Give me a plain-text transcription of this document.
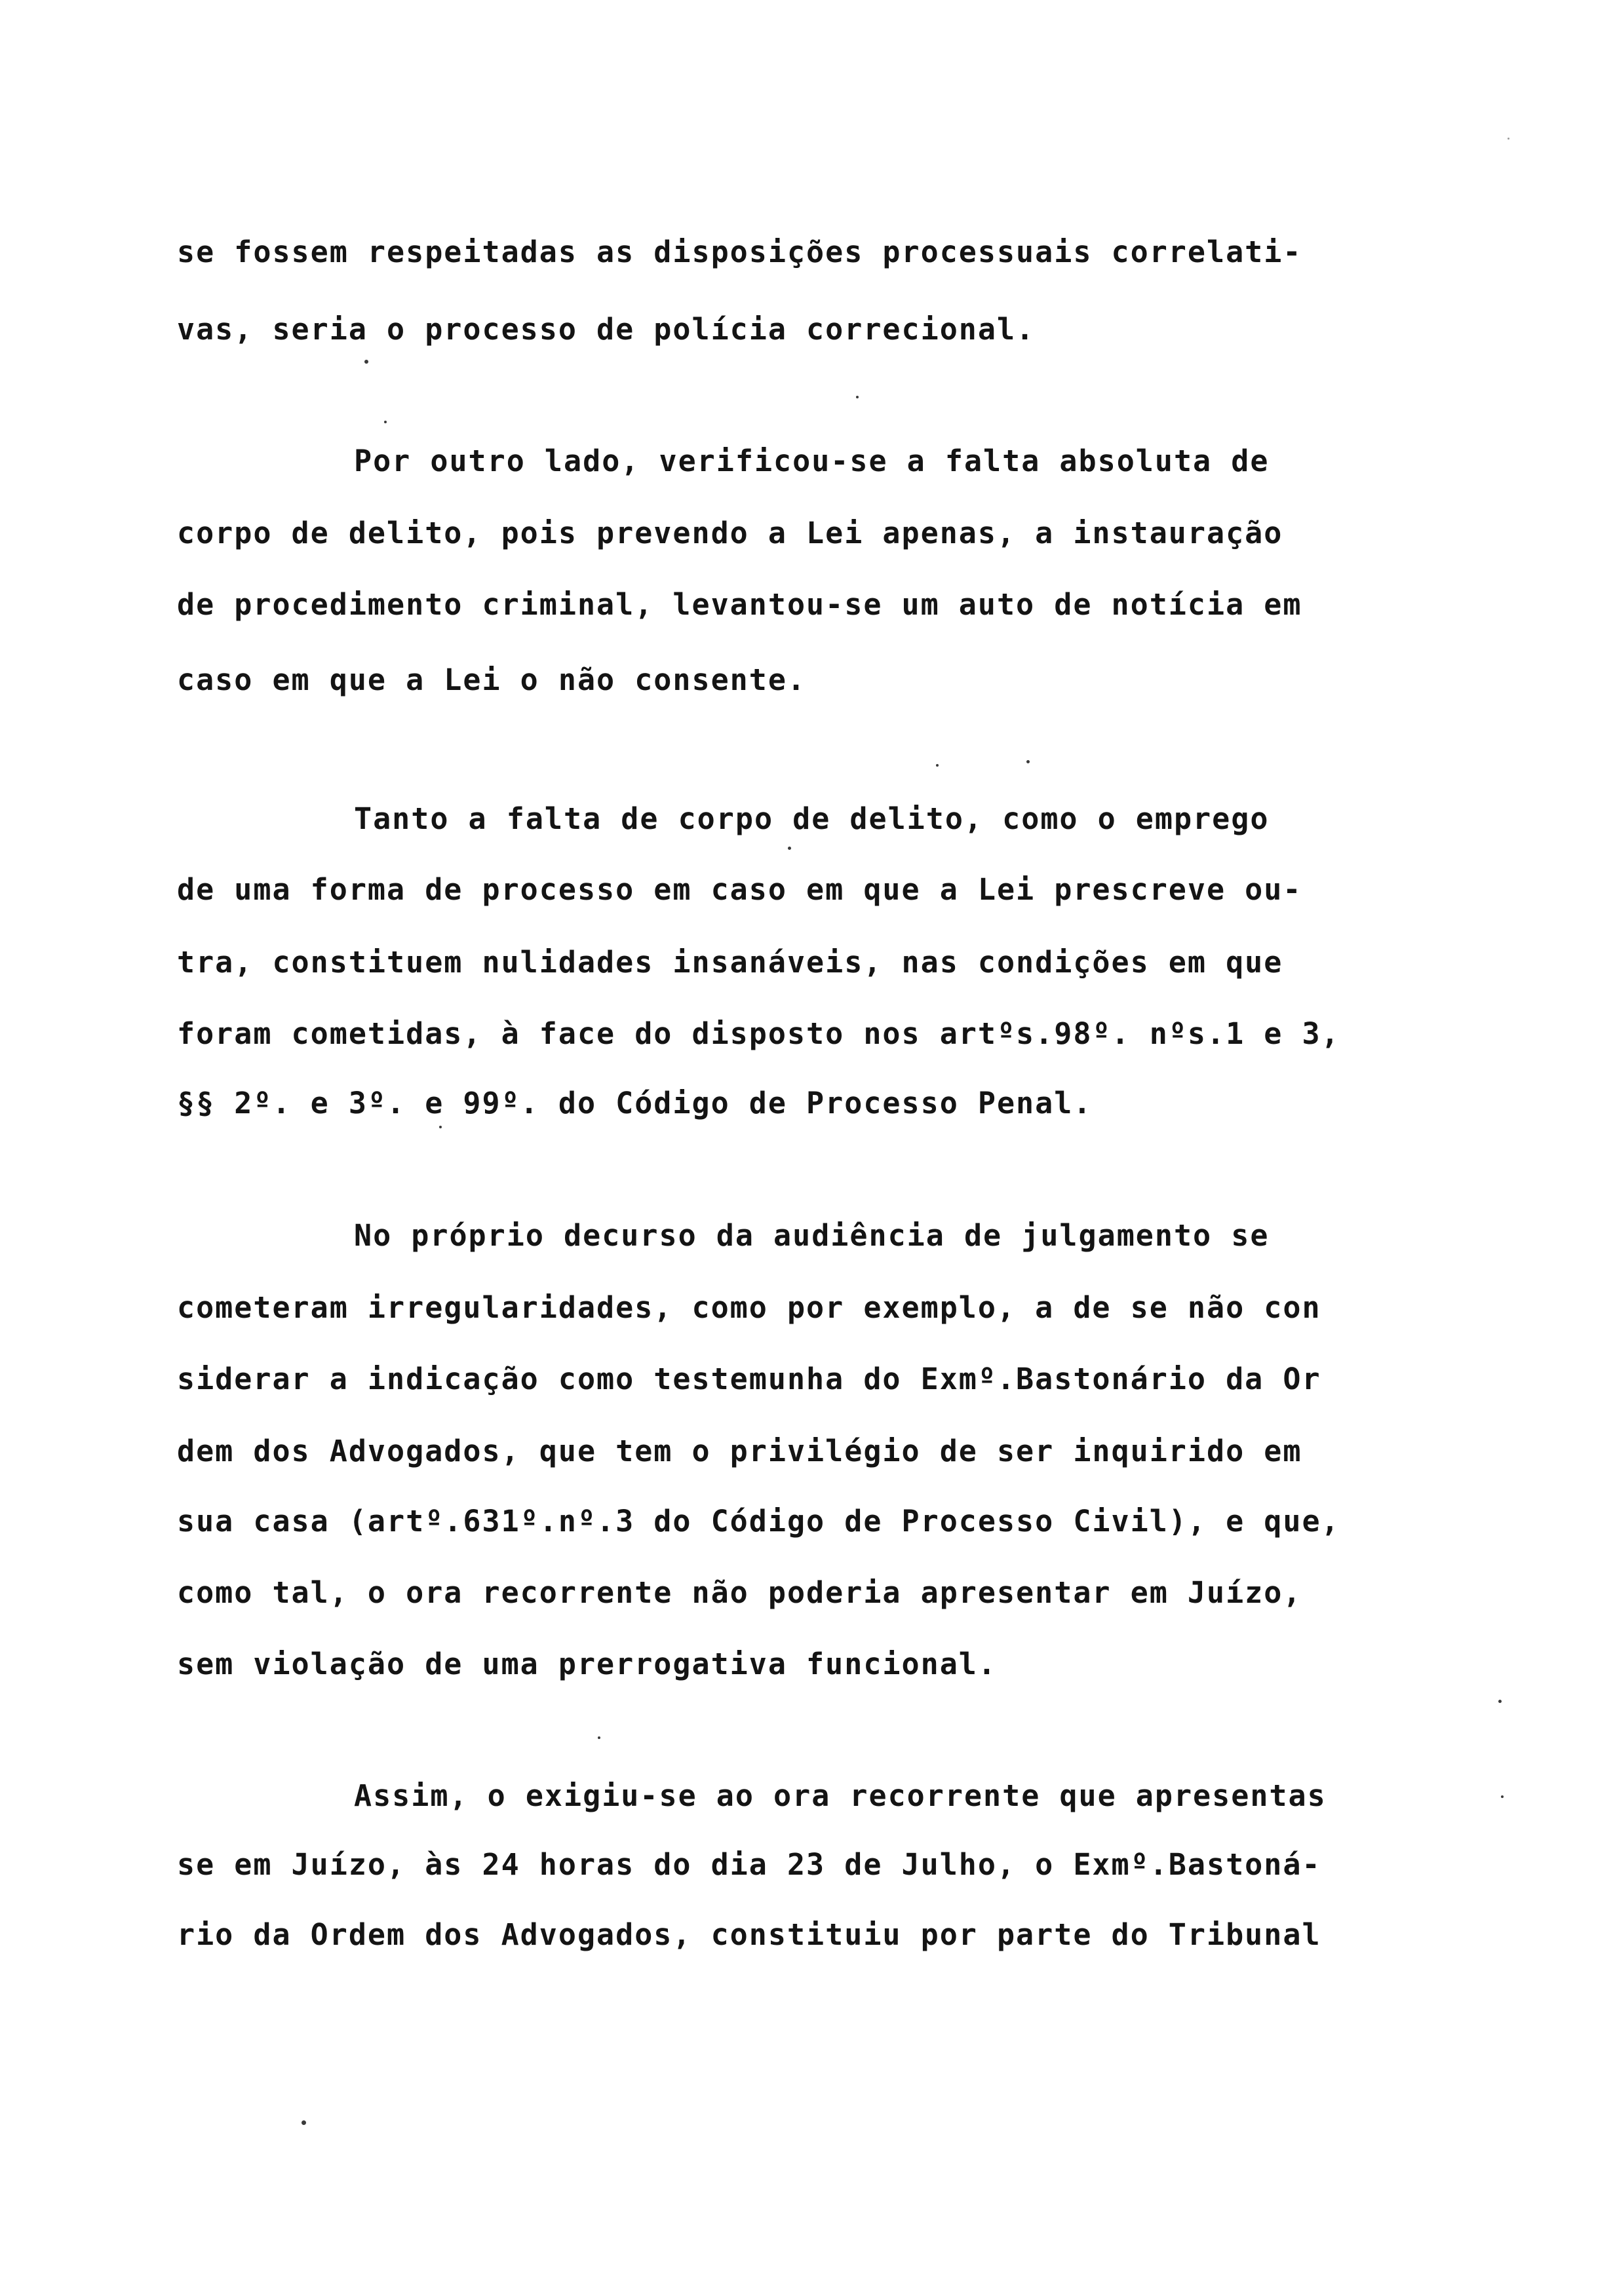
se fossem respeitadas as disposições processuais correlati-

vas, seria o processo de polícia correcional.

Por outro lado, verificou-se a falta absoluta de

corpo de delito, pois prevendo a Lei apenas, a instauração

de procedimento criminal, levantou-se um auto de notícia em

caso em que a Lei o não consente.

Tanto a falta de corpo de delito, como o emprego

de uma forma de processo em caso em que a Lei prescreve ou-

tra, constituem nulidades insanáveis, nas condições em que

foram cometidas, à face do disposto nos artºs.98º. nºs.1 e 3,

§§ 2º. e 3º. e 99º. do Código de Processo Penal.

No próprio decurso da audiência de julgamento se

cometeram irregularidades, como por exemplo, a de se não con

siderar a indicação como testemunha do Exmº.Bastonário da Or

dem dos Advogados, que tem o privilégio de ser inquirido em

sua casa (artº.631º.nº.3 do Código de Processo Civil), e que,

como tal, o ora recorrente não poderia apresentar em Juízo,

sem violação de uma prerrogativa funcional.

Assim, o exigiu-se ao ora recorrente que apresentas

se em Juízo, às 24 horas do dia 23 de Julho, o Exmº.Bastoná-

rio da Ordem dos Advogados, constituiu por parte do Tribunal
